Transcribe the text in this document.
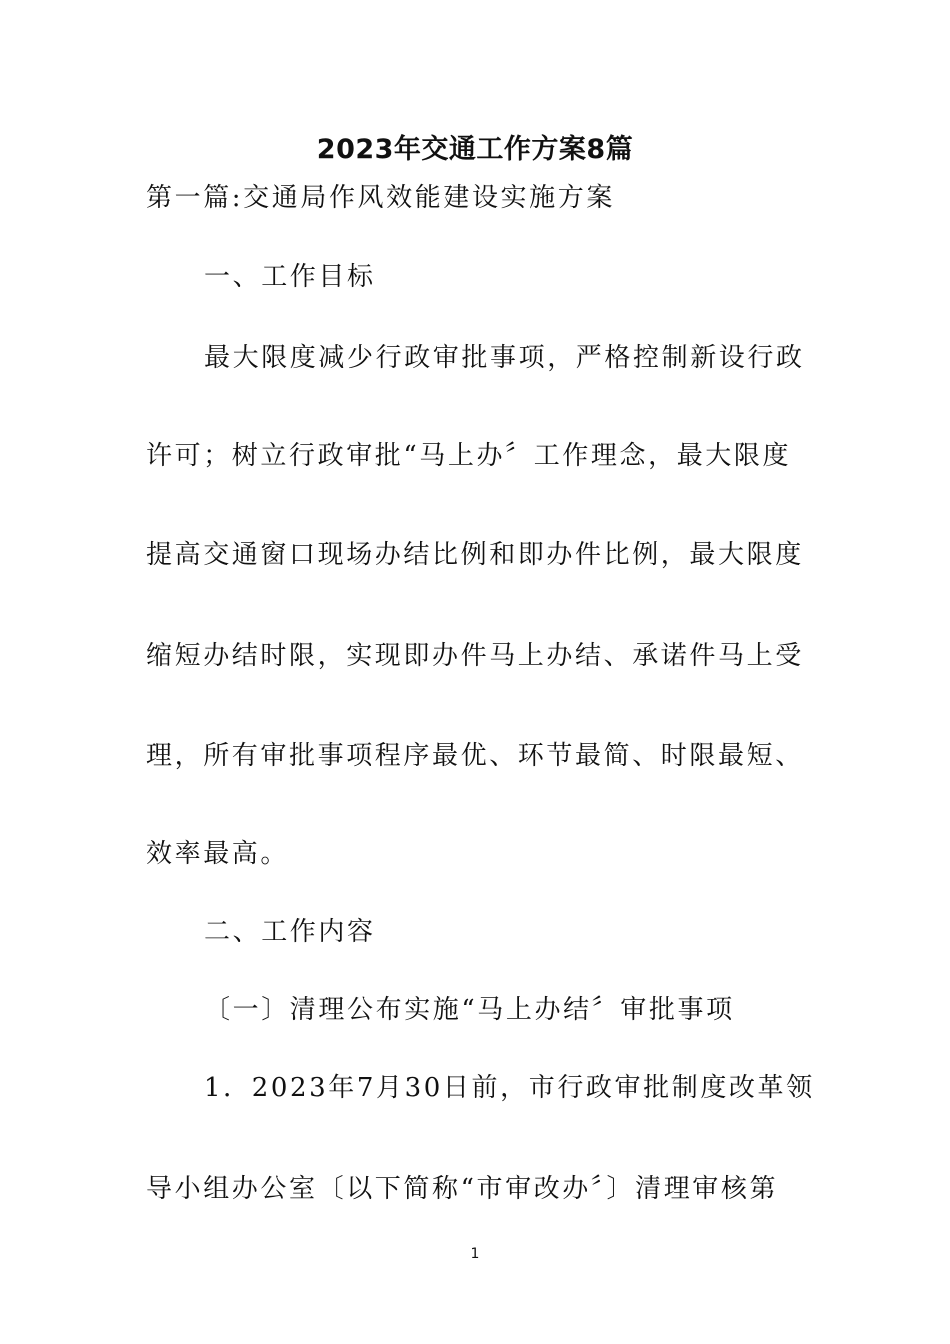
2023年交通工作方案8篇
第一篇:交通局作风效能建设实施方案
一、工作目标
最大限度减少行政审批事项，严格控制新设行政
许可；树立行政审批“马上办〞工作理念，最大限度
提高交通窗口现场办结比例和即办件比例，最大限度
缩短办结时限，实现即办件马上办结、承诺件马上受
理，所有审批事项程序最优、环节最简、时限最短、
效率最高。
二、工作内容
〔一〕清理公布实施“马上办结〞审批事项
1．2023年7月30日前，市行政审批制度改革领
导小组办公室〔以下简称“市审改办〞〕清理审核第
1
